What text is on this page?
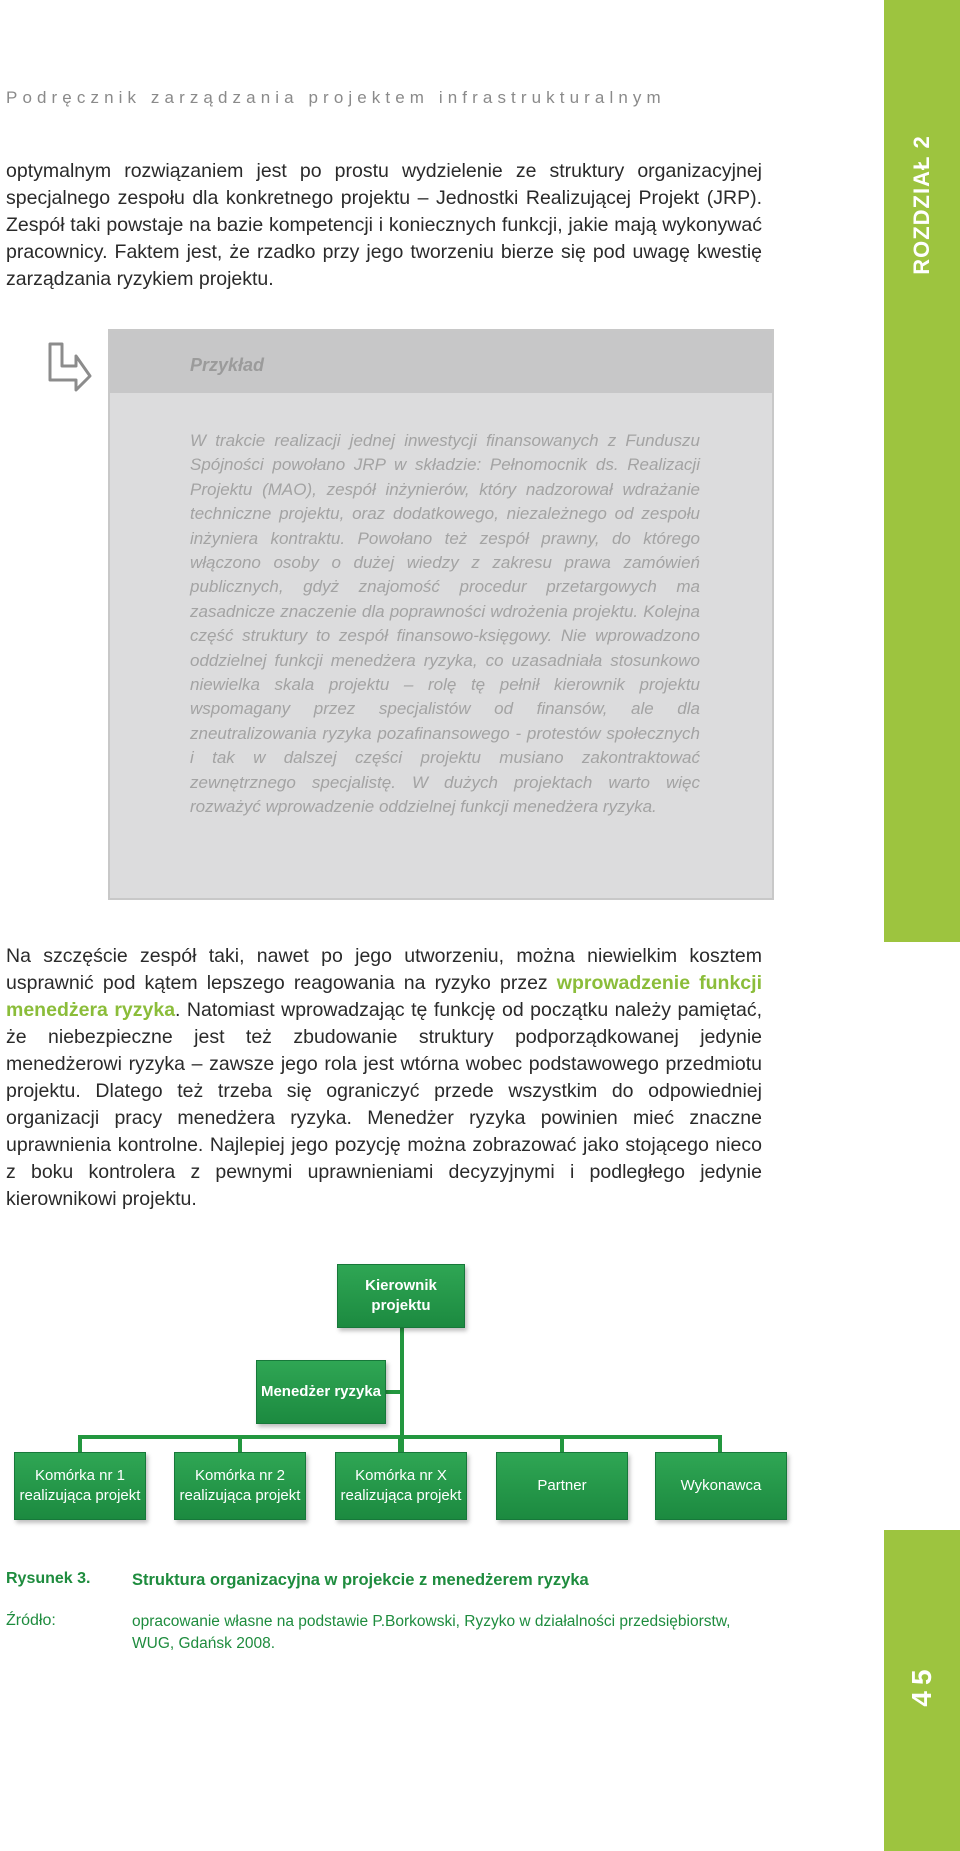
Podręcznik zarządzania projektem infrastrukturalnym
ROZDZIAŁ 2

optymalnym rozwiązaniem jest po prostu wydzielenie ze struktury organizacyjnej specjalnego zespołu dla konkretnego projektu – Jednostki Realizującej Projekt (JRP). Zespół taki powstaje na bazie kompetencji i koniecznych funkcji, jakie mają wykonywać pracownicy. Faktem jest, że rzadko przy jego tworzeniu bierze się pod uwagę kwestię zarządzania ryzykiem projektu.

Przykład

W trakcie realizacji jednej inwestycji finansowanych z Funduszu Spójności powołano JRP w składzie: Pełnomocnik ds. Realizacji Projektu (MAO), zespół inżynierów, który nadzorował wdrażanie techniczne projektu, oraz dodatkowego, niezależnego od zespołu inżyniera kontraktu. Powołano też zespół prawny, do którego włączono osoby o dużej wiedzy z zakresu prawa zamówień publicznych, gdyż znajomość procedur przetargowych ma zasadnicze znaczenie dla poprawności wdrożenia projektu. Kolejna część struktury to zespół finansowo-księgowy. Nie wprowadzono oddzielnej funkcji menedżera ryzyka, co uzasadniała stosunkowo niewielka skala projektu – rolę tę pełnił kierownik projektu wspomagany przez specjalistów od finansów, ale dla zneutralizowania ryzyka pozafinansowego - protestów społecznych i tak w dalszej części projektu musiano zakontraktować zewnętrznego specjalistę. W dużych projektach warto więc rozważyć wprowadzenie oddzielnej funkcji menedżera ryzyka.

Na szczęście zespół taki, nawet po jego utworzeniu, można niewielkim kosztem usprawnić pod kątem lepszego reagowania na ryzyko przez wprowadzenie funkcji menedżera ryzyka. Natomiast wprowadzając tę funkcję od początku należy pamiętać, że niebezpieczne jest też zbudowanie struktury podporządkowanej jedynie menedżerowi ryzyka – zawsze jego rola jest wtórna wobec podstawowego przedmiotu projektu. Dlatego też trzeba się ograniczyć przede wszystkim do odpowiedniej organizacji pracy menedżera ryzyka. Menedżer ryzyka powinien mieć znaczne uprawnienia kontrolne. Najlepiej jego pozycję można zobrazować jako stojącego nieco z boku kontrolera z pewnymi uprawnieniami decyzyjnymi i podległego jedynie kierownikowi projektu.

Kierownik projektu
Menedżer ryzyka
Komórka nr 1 realizująca projekt
Komórka nr 2 realizująca projekt
Komórka nr X realizująca projekt
Partner	Wykonawca
Rysunek 3.	Struktura organizacyjna w projekcie z menedżerem ryzyka
Źródło:	opracowanie własne na podstawie P.Borkowski, Ryzyko w działalności przedsiębiorstw, WUG, Gdańsk 2008.
45
